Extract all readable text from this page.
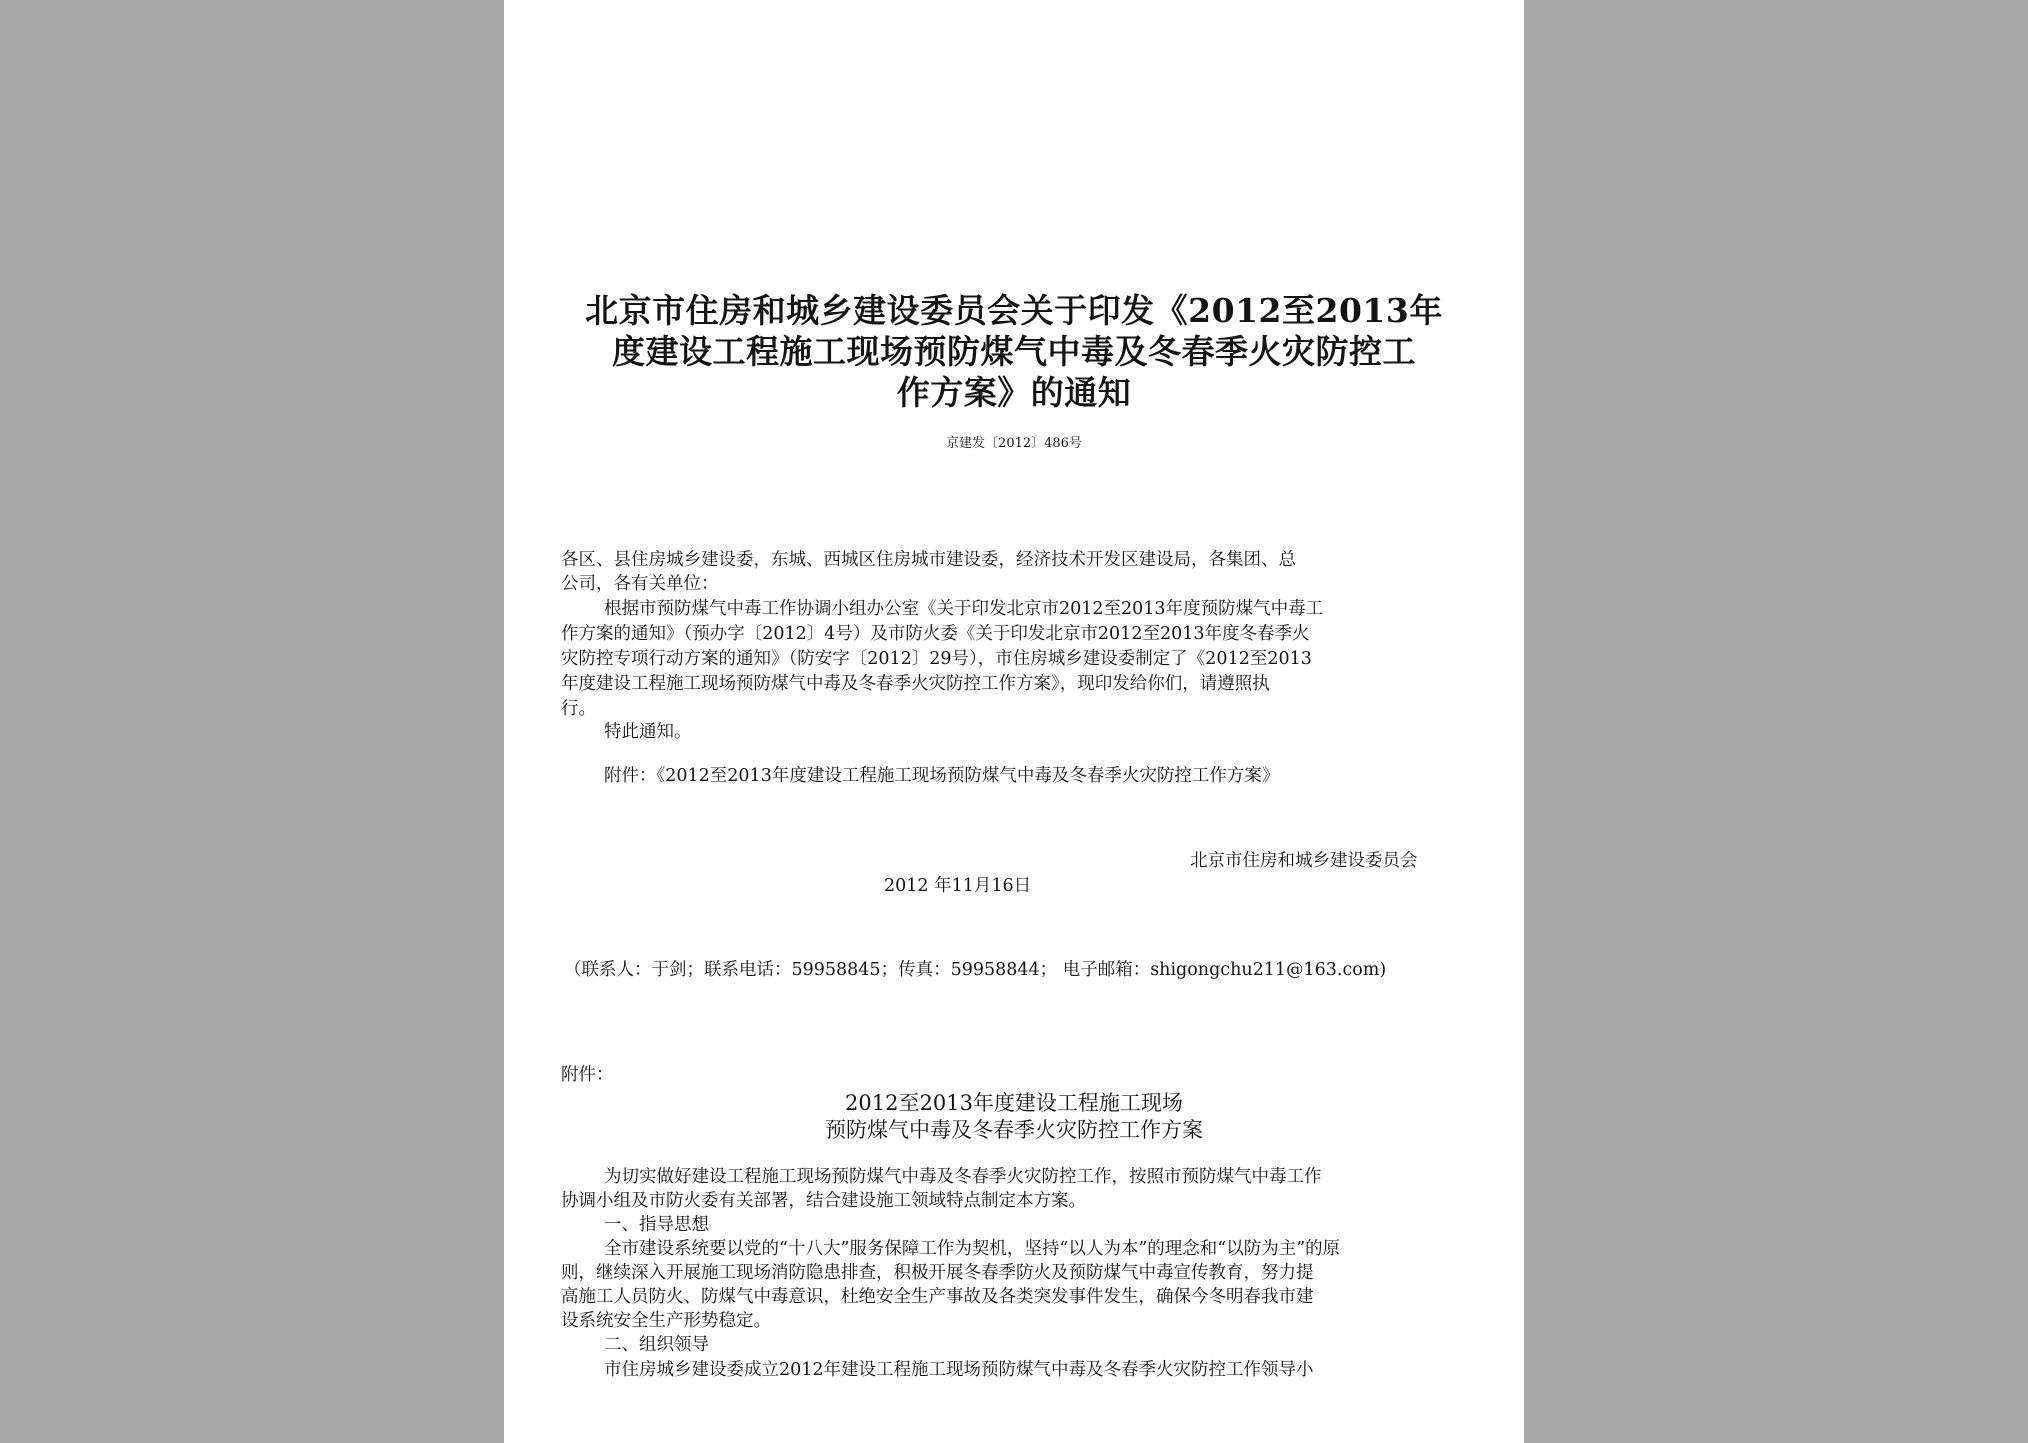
北京市住房和城乡建设委员会关于印发《2012至2013年
度建设工程施工现场预防煤气中毒及冬春季火灾防控工
作方案》的通知
京建发〔2012〕486号
各区、县住房城乡建设委，东城、西城区住房城市建设委，经济技术开发区建设局，各集团、总
公司，各有关单位：
根据市预防煤气中毒工作协调小组办公室《关于印发北京市2012至2013年度预防煤气中毒工
作方案的通知》（预办字〔2012〕4号）及市防火委《关于印发北京市2012至2013年度冬春季火
灾防控专项行动方案的通知》（防安字〔2012〕29号），市住房城乡建设委制定了《2012至2013
年度建设工程施工现场预防煤气中毒及冬春季火灾防控工作方案》，现印发给你们，请遵照执
行。
特此通知。
附件：《2012至2013年度建设工程施工现场预防煤气中毒及冬春季火灾防控工作方案》
北京市住房和城乡建设委员会
2012 年11月16日
（联系人：于剑；联系电话：59958845；传真：59958844； 电子邮箱：shigongchu211@163.com)
附件：
2012至2013年度建设工程施工现场
预防煤气中毒及冬春季火灾防控工作方案
为切实做好建设工程施工现场预防煤气中毒及冬春季火灾防控工作，按照市预防煤气中毒工作
协调小组及市防火委有关部署，结合建设施工领域特点制定本方案。
一、指导思想
全市建设系统要以党的“十八大”服务保障工作为契机，坚持“以人为本”的理念和“以防为主”的原
则，继续深入开展施工现场消防隐患排查，积极开展冬春季防火及预防煤气中毒宣传教育，努力提
高施工人员防火、防煤气中毒意识，杜绝安全生产事故及各类突发事件发生，确保今冬明春我市建
设系统安全生产形势稳定。
二、组织领导
市住房城乡建设委成立2012年建设工程施工现场预防煤气中毒及冬春季火灾防控工作领导小
